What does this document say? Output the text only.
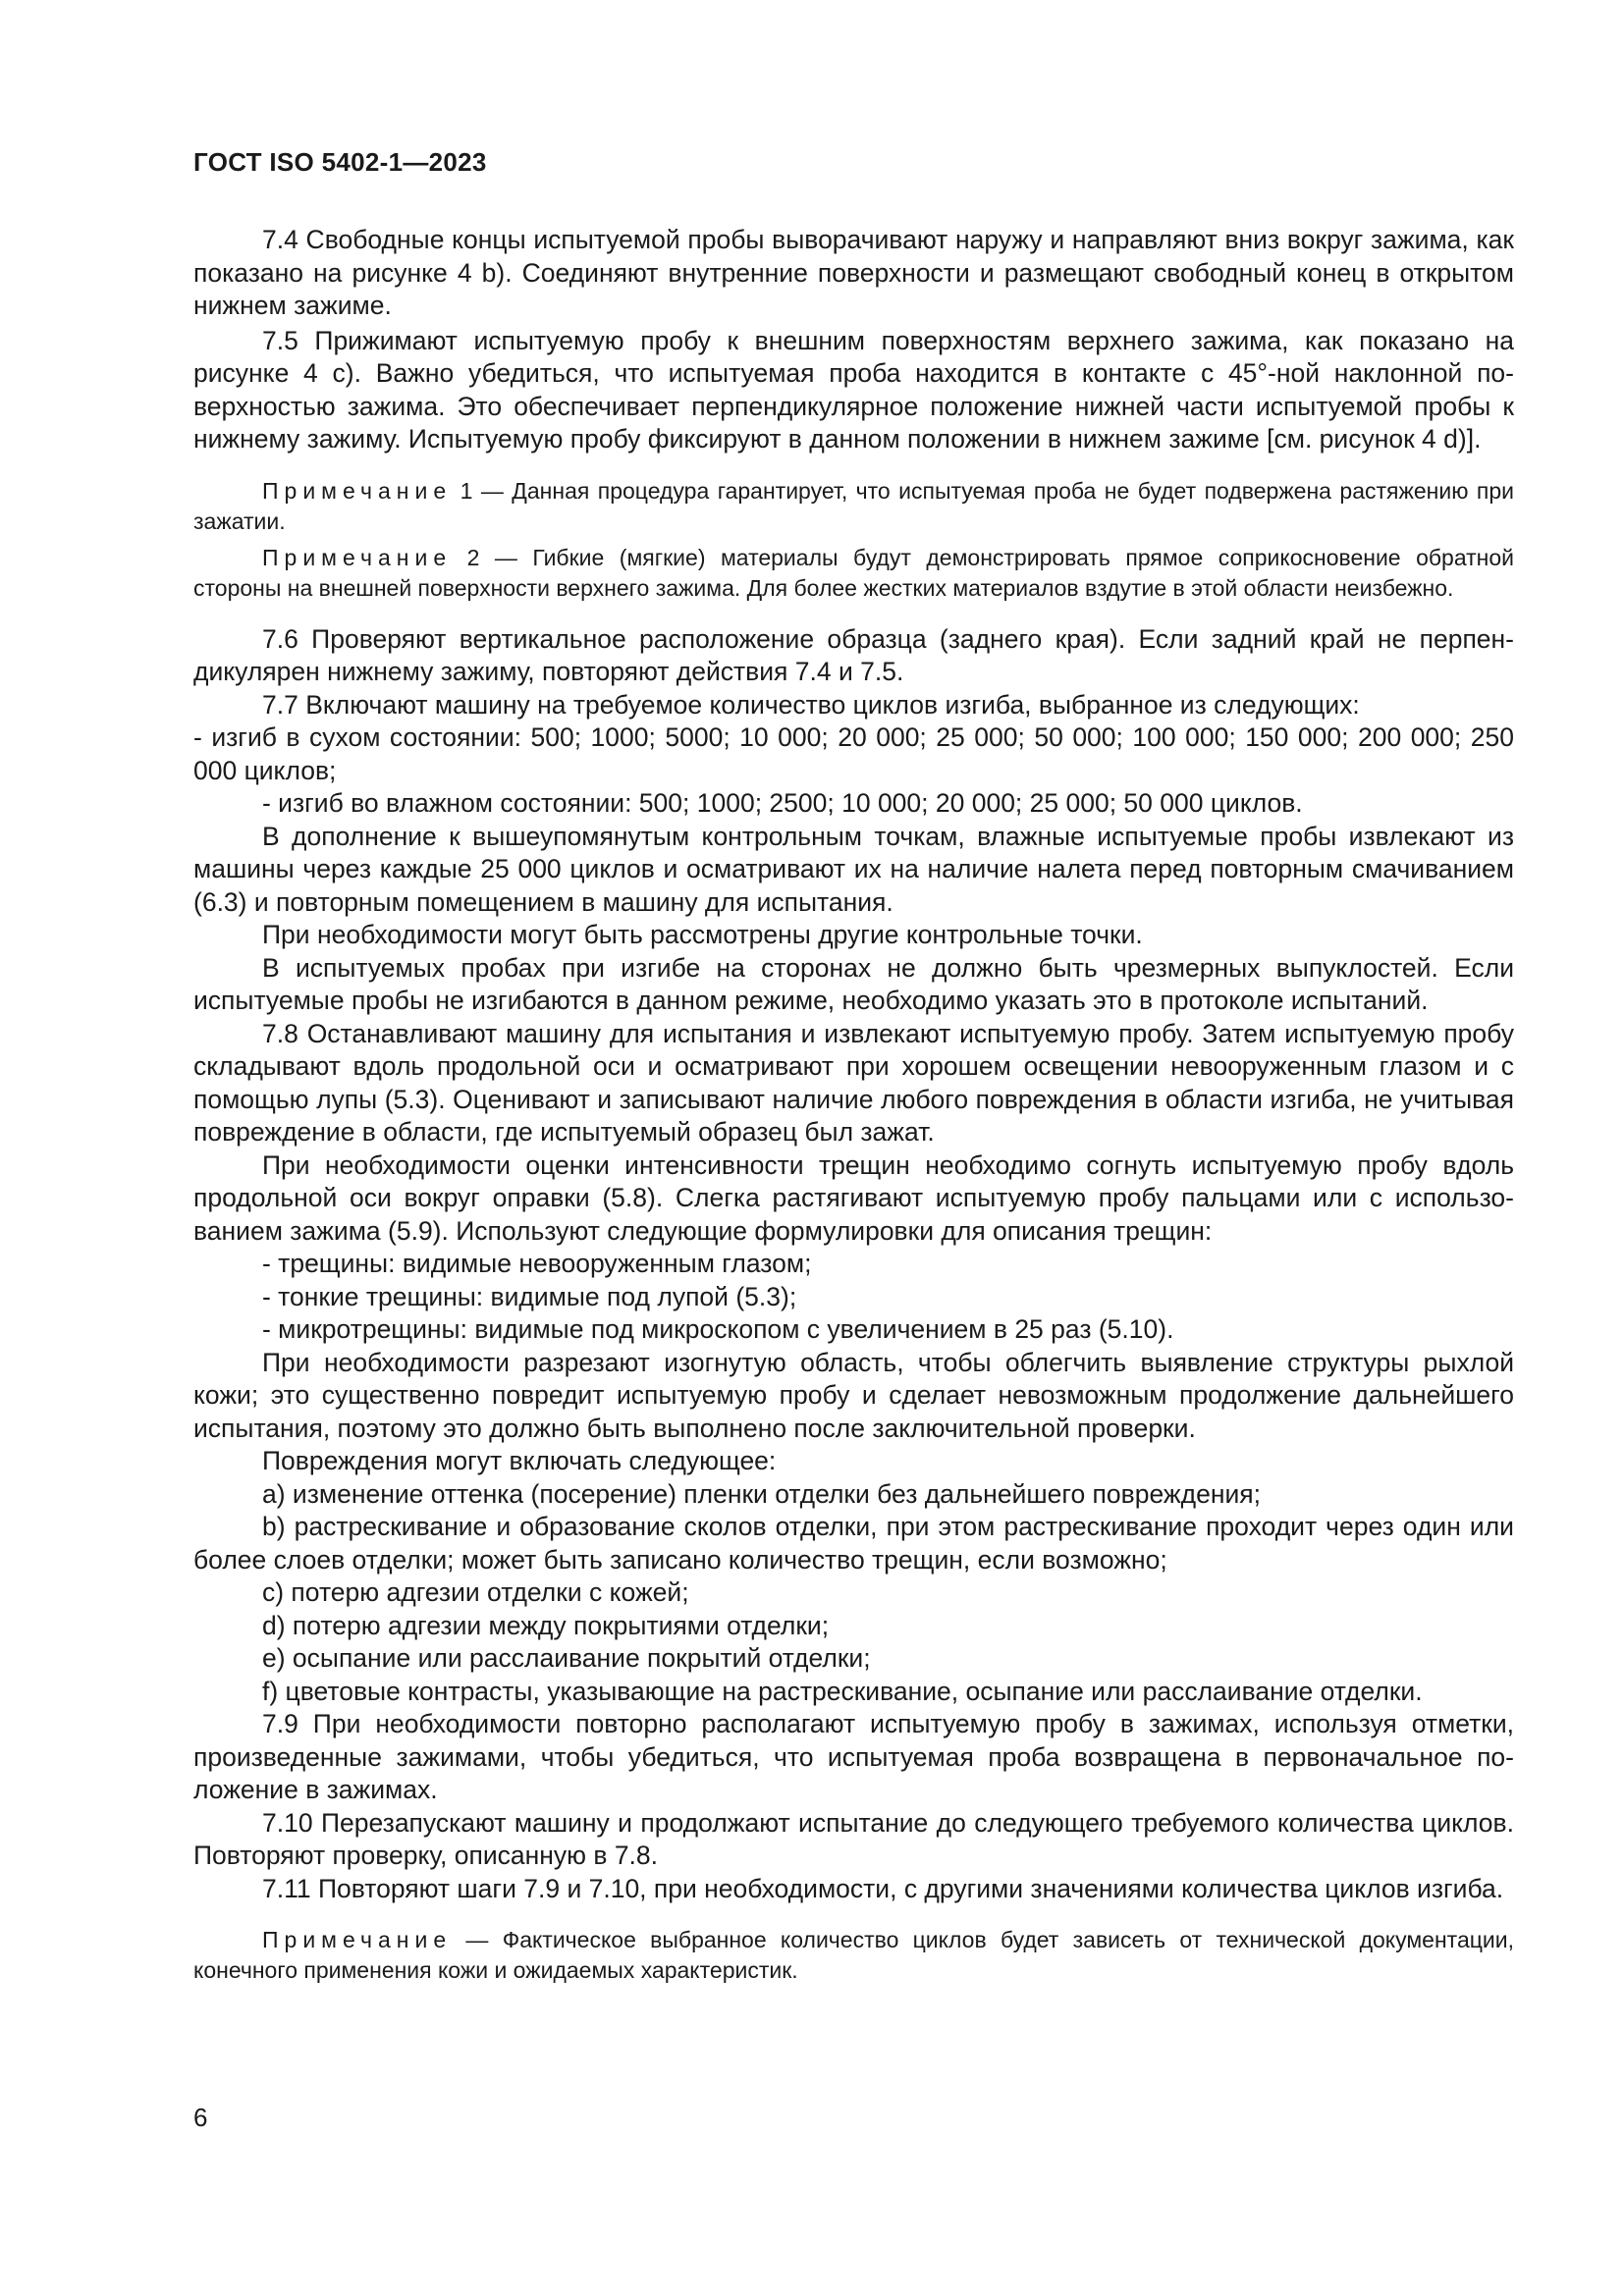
ГОСТ ISO 5402-1—2023

7.4 Свободные концы испытуемой пробы выворачивают наружу и направляют вниз вокруг зажима, как показано на рисунке 4 b). Соединяют внутренние поверхности и размещают свободный конец в открытом нижнем зажиме.

7.5 Прижимают испытуемую пробу к внешним поверхностям верхнего зажима, как показано на рисунке 4 c). Важно убедиться, что испытуемая проба находится в контакте с 45°-ной наклонной поверхностью зажима. Это обеспечивает перпендикулярное положение нижней части испытуемой пробы к нижнему зажиму. Испытуемую пробу фиксируют в данном положении в нижнем зажиме [см. рисунок 4 d)].

Примечание 1 — Данная процедура гарантирует, что испытуемая проба не будет подвержена растяжению при зажатии.

Примечание 2 — Гибкие (мягкие) материалы будут демонстрировать прямое соприкосновение обратной стороны на внешней поверхности верхнего зажима. Для более жестких материалов вздутие в этой области неизбежно.

7.6 Проверяют вертикальное расположение образца (заднего края). Если задний край не перпендикулярен нижнему зажиму, повторяют действия 7.4 и 7.5.

7.7 Включают машину на требуемое количество циклов изгиба, выбранное из следующих:

- изгиб в сухом состоянии: 500; 1000; 5000; 10 000; 20 000; 25 000; 50 000; 100 000; 150 000; 200 000; 250 000 циклов;

- изгиб во влажном состоянии: 500; 1000; 2500; 10 000; 20 000; 25 000; 50 000 циклов.

В дополнение к вышеупомянутым контрольным точкам, влажные испытуемые пробы извлекают из машины через каждые 25 000 циклов и осматривают их на наличие налета перед повторным смачиванием (6.3) и повторным помещением в машину для испытания.

При необходимости могут быть рассмотрены другие контрольные точки.

В испытуемых пробах при изгибе на сторонах не должно быть чрезмерных выпуклостей. Если испытуемые пробы не изгибаются в данном режиме, необходимо указать это в протоколе испытаний.

7.8 Останавливают машину для испытания и извлекают испытуемую пробу. Затем испытуемую пробу складывают вдоль продольной оси и осматривают при хорошем освещении невооруженным глазом и с помощью лупы (5.3). Оценивают и записывают наличие любого повреждения в области изгиба, не учитывая повреждение в области, где испытуемый образец был зажат.

При необходимости оценки интенсивности трещин необходимо согнуть испытуемую пробу вдоль продольной оси вокруг оправки (5.8). Слегка растягивают испытуемую пробу пальцами или с использованием зажима (5.9). Используют следующие формулировки для описания трещин:

- трещины: видимые невооруженным глазом;

- тонкие трещины: видимые под лупой (5.3);

- микротрещины: видимые под микроскопом с увеличением в 25 раз (5.10).

При необходимости разрезают изогнутую область, чтобы облегчить выявление структуры рыхлой кожи; это существенно повредит испытуемую пробу и сделает невозможным продолжение дальнейшего испытания, поэтому это должно быть выполнено после заключительной проверки.

Повреждения могут включать следующее:

a) изменение оттенка (посерение) пленки отделки без дальнейшего повреждения;

b) растрескивание и образование сколов отделки, при этом растрескивание проходит через один или более слоев отделки; может быть записано количество трещин, если возможно;

c) потерю адгезии отделки с кожей;

d) потерю адгезии между покрытиями отделки;

e) осыпание или расслаивание покрытий отделки;

f) цветовые контрасты, указывающие на растрескивание, осыпание или расслаивание отделки.

7.9 При необходимости повторно располагают испытуемую пробу в зажимах, используя отметки, произведенные зажимами, чтобы убедиться, что испытуемая проба возвращена в первоначальное положение в зажимах.

7.10 Перезапускают машину и продолжают испытание до следующего требуемого количества циклов. Повторяют проверку, описанную в 7.8.

7.11 Повторяют шаги 7.9 и 7.10, при необходимости, с другими значениями количества циклов изгиба.

Примечание — Фактическое выбранное количество циклов будет зависеть от технической документации, конечного применения кожи и ожидаемых характеристик.

6
